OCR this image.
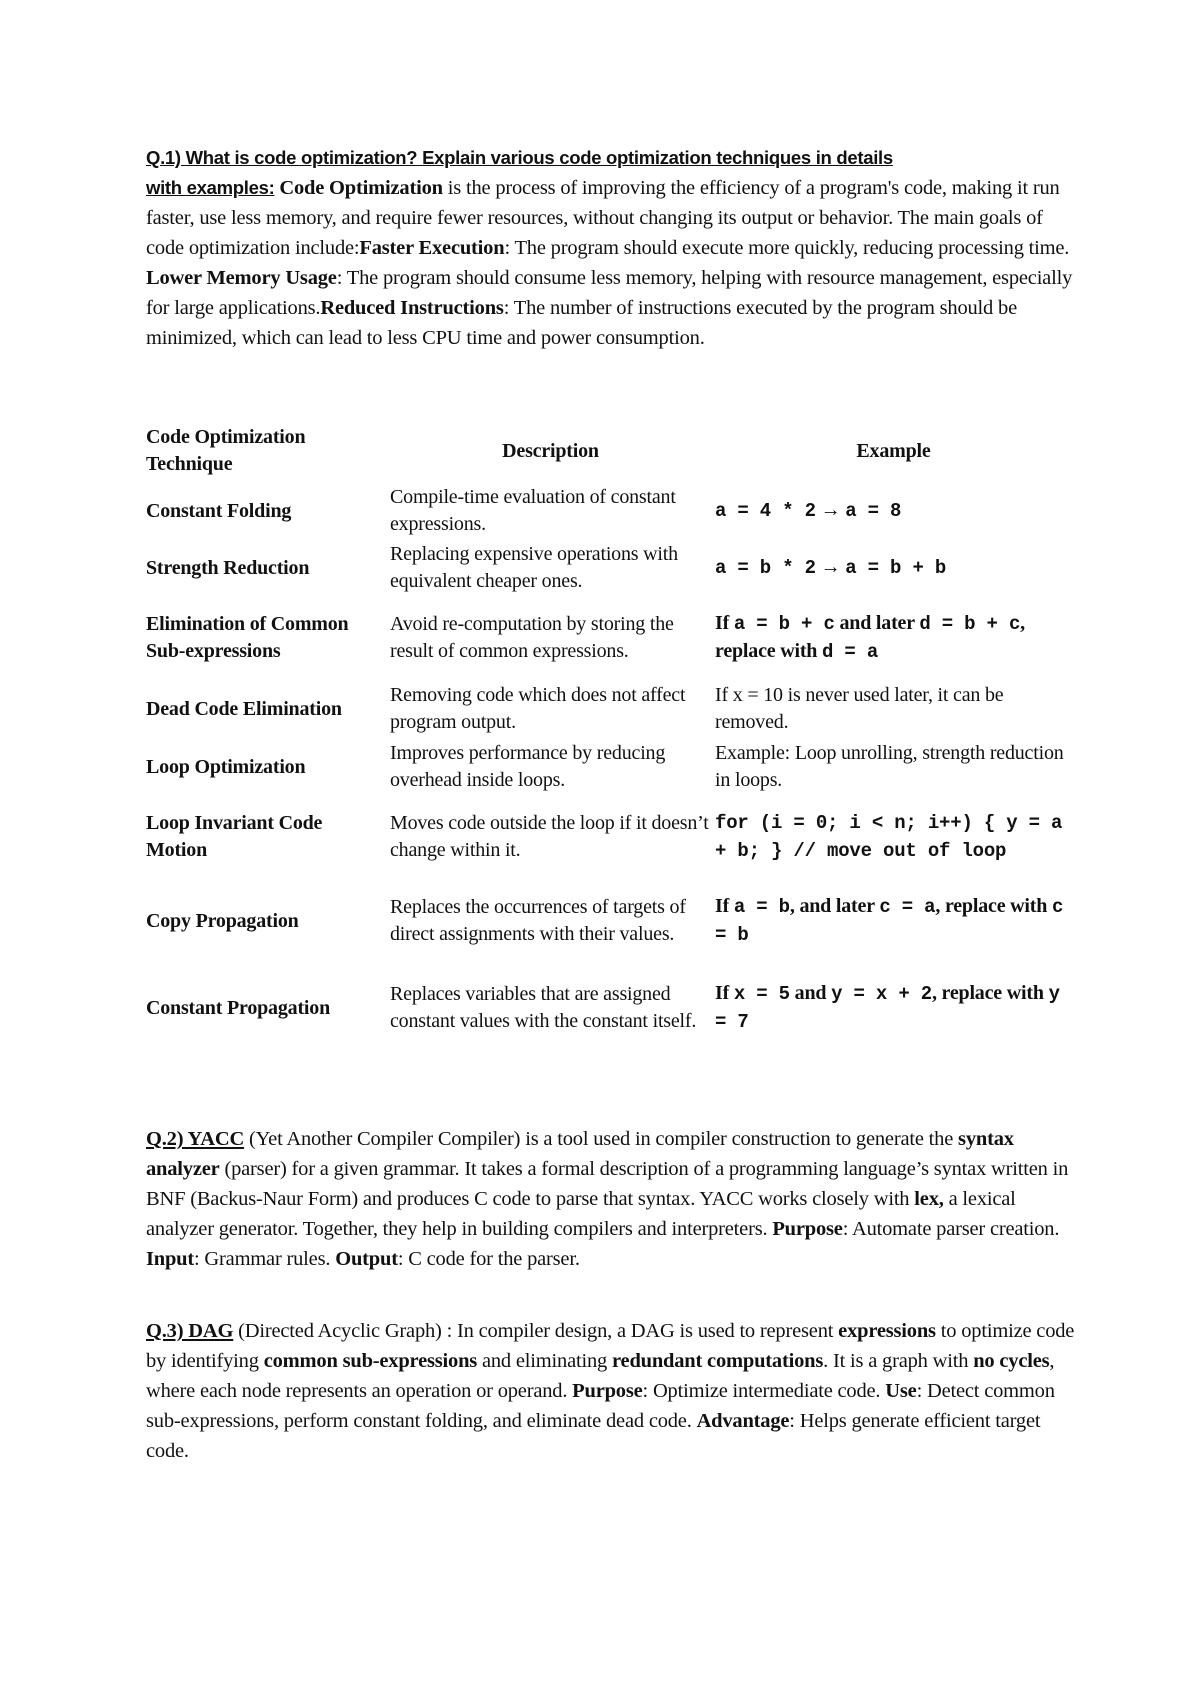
Q.1) What is code optimization? Explain various code optimization techniques in details
with examples: Code Optimization is the process of improving the efficiency of a program's code, making it run faster, use less memory, and require fewer resources, without changing its output or behavior. The main goals of code optimization include:Faster Execution: The program should execute more quickly, reducing processing time. Lower Memory Usage: The program should consume less memory, helping with resource management, especially for large applications.Reduced Instructions: The number of instructions executed by the program should be minimized, which can lead to less CPU time and power consumption.
Code Optimization Technique	Description	Example
Constant Folding	Compile-time evaluation of constant expressions.	a = 4 * 2 → a = 8
Strength Reduction	Replacing expensive operations with equivalent cheaper ones.	a = b * 2 → a = b + b
Elimination of Common Sub-expressions	Avoid re-computation by storing the result of common expressions.	If a = b + c and later d = b + c, replace with d = a
Dead Code Elimination	Removing code which does not affect program output.	If x = 10 is never used later, it can be removed.
Loop Optimization	Improves performance by reducing overhead inside loops.	Example: Loop unrolling, strength reduction in loops.
Loop Invariant Code Motion	Moves code outside the loop if it doesn’t change within it.	for (i = 0; i < n; i++) { y = a + b; } // move out of loop
Copy Propagation	Replaces the occurrences of targets of direct assignments with their values.	If a = b, and later c = a, replace with c = b
Constant Propagation	Replaces variables that are assigned constant values with the constant itself.	If x = 5 and y = x + 2, replace with y = 7
Q.2) YACC (Yet Another Compiler Compiler) is a tool used in compiler construction to generate the syntax analyzer (parser) for a given grammar. It takes a formal description of a programming language’s syntax written in BNF (Backus-Naur Form) and produces C code to parse that syntax. YACC works closely with lex, a lexical analyzer generator. Together, they help in building compilers and interpreters. Purpose: Automate parser creation. Input: Grammar rules. Output: C code for the parser.
Q.3) DAG (Directed Acyclic Graph) : In compiler design, a DAG is used to represent expressions to optimize code by identifying common sub-expressions and eliminating redundant computations. It is a graph with no cycles, where each node represents an operation or operand. Purpose: Optimize intermediate code. Use: Detect common sub-expressions, perform constant folding, and eliminate dead code. Advantage: Helps generate efficient target code.
